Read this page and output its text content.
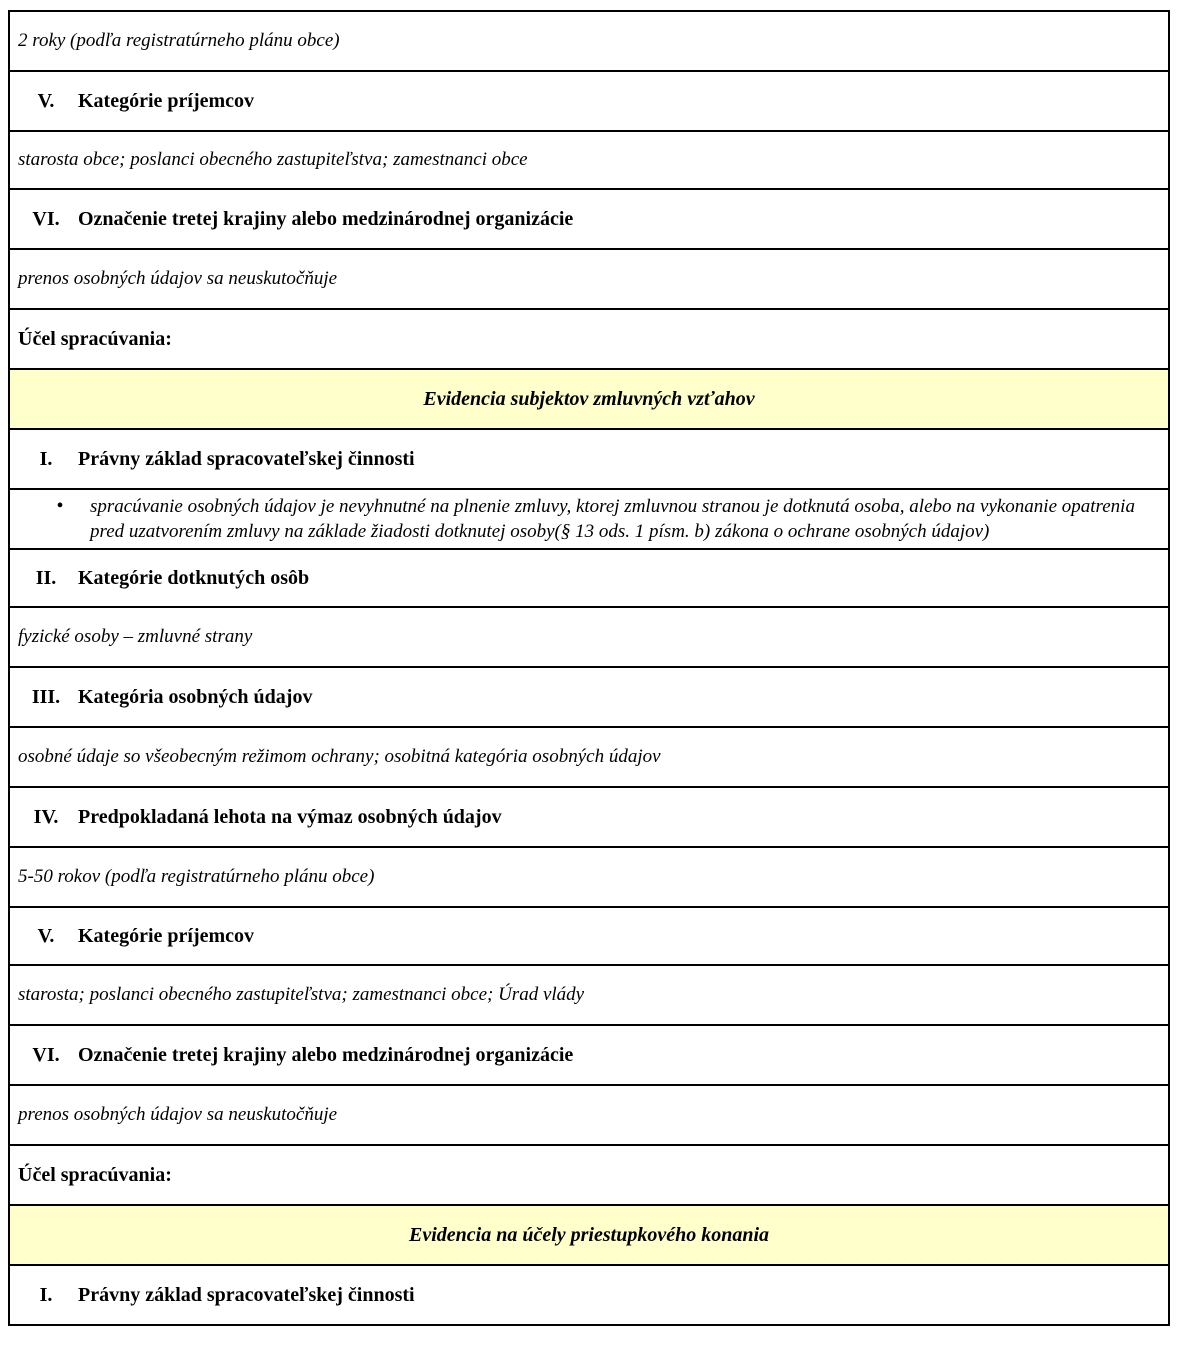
2 roky (podľa registratúrneho plánu obce)
V. Kategórie príjemcov
starosta obce; poslanci obecného zastupiteľstva; zamestnanci obce
VI. Označenie tretej krajiny alebo medzinárodnej organizácie
prenos osobných údajov sa neuskutočňuje
Účel spracúvania:
Evidencia subjektov zmluvných vzťahov
I. Právny základ spracovateľskej činnosti

•	spracúvanie osobných údajov je nevyhnutné na plnenie zmluvy, ktorej zmluvnou stranou je dotknutá osoba, alebo na vykonanie opatrenia pred uzatvorením zmluvy na základe žiadosti dotknutej osoby(§ 13 ods. 1 písm. b) zákona o ochrane osobných údajov)

II. Kategórie dotknutých osôb
fyzické osoby – zmluvné strany
III. Kategória osobných údajov
osobné údaje so všeobecným režimom ochrany; osobitná kategória osobných údajov
IV. Predpokladaná lehota na výmaz osobných údajov
5-50 rokov (podľa registratúrneho plánu obce)
V. Kategórie príjemcov
starosta; poslanci obecného zastupiteľstva; zamestnanci obce; Úrad vlády
VI. Označenie tretej krajiny alebo medzinárodnej organizácie
prenos osobných údajov sa neuskutočňuje
Účel spracúvania:
Evidencia na účely priestupkového konania
I. Právny základ spracovateľskej činnosti
